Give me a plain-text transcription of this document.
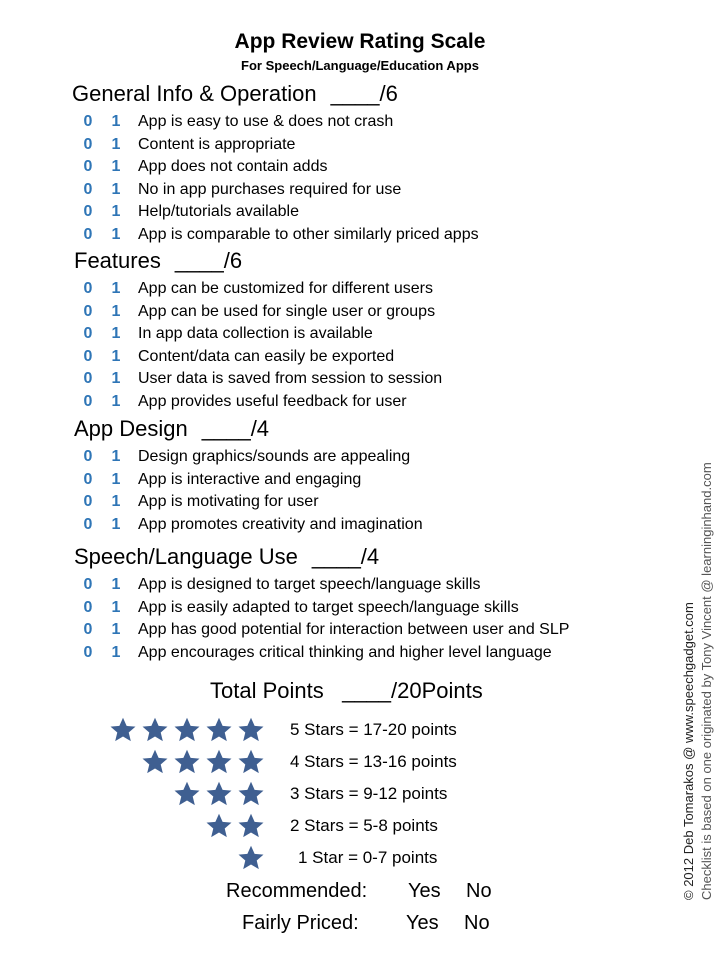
App Review Rating Scale
For Speech/Language/Education Apps
General Info & Operation ____/6
0	1	App is easy to use & does not crash
0	1	Content is appropriate
0	1	App does not contain adds
0	1	No in app purchases required for use
0	1	Help/tutorials available
0	1	App is comparable to other similarly priced apps
Features ____/6
0	1	App can be customized for different users
0	1	App can be used for single user or groups
0	1	In app data collection is available
0	1	Content/data can easily be exported
0	1	User data is saved from session to session
0	1	App provides useful feedback for user
App Design ____/4
0	1	Design graphics/sounds are appealing
0	1	App is interactive and engaging
0	1	App is motivating for user
0	1	App promotes creativity and imagination
Speech/Language Use ____/4
0	1	App is designed to target speech/language skills
0	1	App is easily adapted to target speech/language skills
0	1	App has good potential for interaction between user and SLP
0	1	App encourages critical thinking and higher level language
Total Points ____/20Points
5 Stars = 17-20 points
4 Stars = 13-16 points
3 Stars = 9-12 points
2 Stars = 5-8 points
1 Star = 0-7 points
Recommended: Yes No
Fairly Priced: Yes No
Checklist is based on one originated by Tony Vincent @ learninginhand.com
© 2012 Deb Tomarakos @ www.speechgadget.com
